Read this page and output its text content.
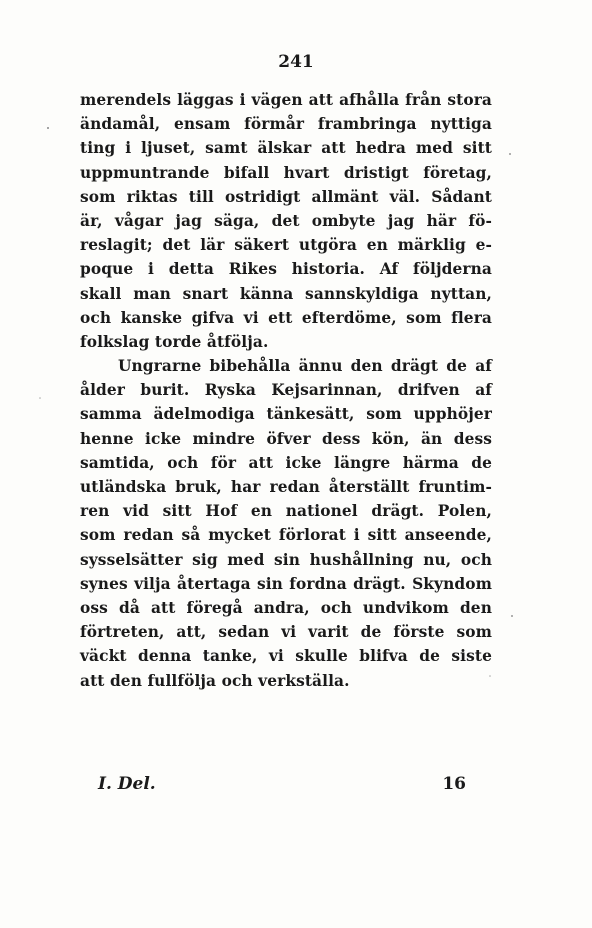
241
merendels läggas i vägen att afhålla från stora
ändamål, ensam förmår frambringa nyttiga
ting i ljuset, samt älskar att hedra med sitt
uppmuntrande bifall hvart dristigt företag,
som riktas till ostridigt allmänt väl. Sådant
är, vågar jag säga, det ombyte jag här fö-
reslagit; det lär säkert utgöra en märklig e-
poque i detta Rikes historia. Af följderna
skall man snart känna sannskyldiga nyttan,
och kanske gifva vi ett efterdöme, som flera
folkslag torde åtfölja.
Ungrarne bibehålla ännu den drägt de af
ålder burit. Ryska Kejsarinnan, drifven af
samma ädelmodiga tänkesätt, som upphöjer
henne icke mindre öfver dess kön, än dess
samtida, och för att icke längre härma de
utländska bruk, har redan återställt fruntim-
ren vid sitt Hof en nationel drägt. Polen,
som redan så mycket förlorat i sitt anseende,
sysselsätter sig med sin hushållning nu, och
synes vilja återtaga sin fordna drägt. Skyndom
oss då att föregå andra, och undvikom den
förtreten, att, sedan vi varit de förste som
väckt denna tanke, vi skulle blifva de siste
att den fullfölja och verkställa.
I. Del.	16
